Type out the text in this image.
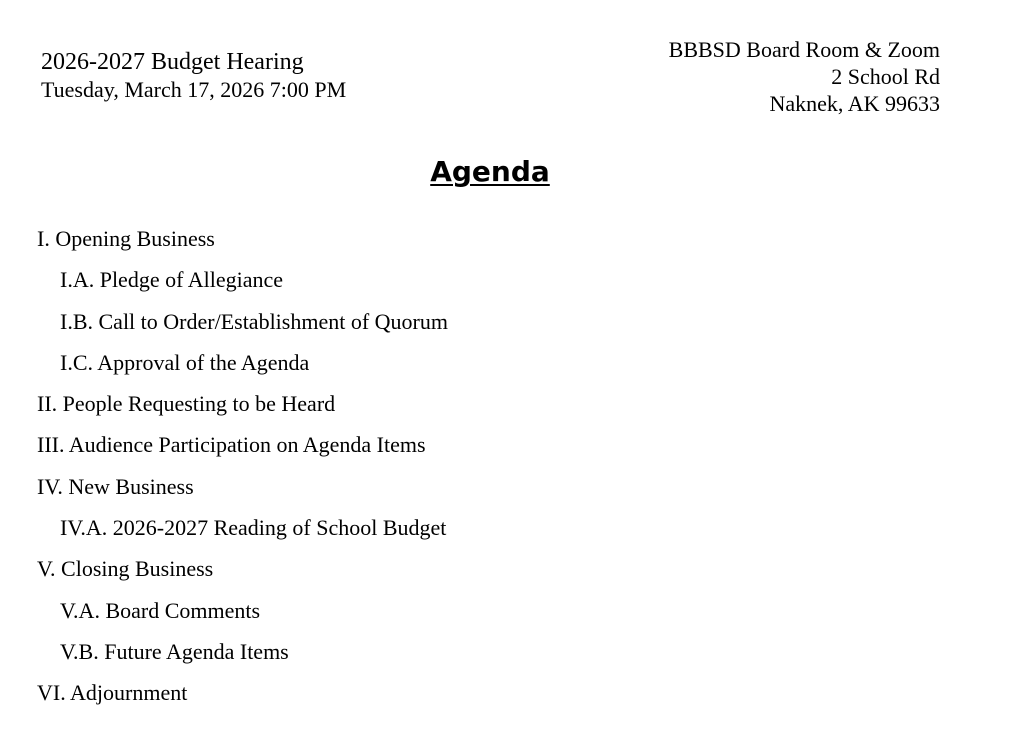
2026-2027 Budget Hearing
Tuesday, March 17, 2026 7:00 PM
BBBSD Board Room & Zoom
2 School Rd
Naknek, AK 99633
Agenda
I. Opening Business
I.A. Pledge of Allegiance
I.B. Call to Order/Establishment of Quorum
I.C. Approval of the Agenda
II. People Requesting to be Heard
III. Audience Participation on Agenda Items
IV. New Business
IV.A. 2026-2027 Reading of School Budget
V. Closing Business
V.A. Board Comments
V.B. Future Agenda Items
VI. Adjournment
